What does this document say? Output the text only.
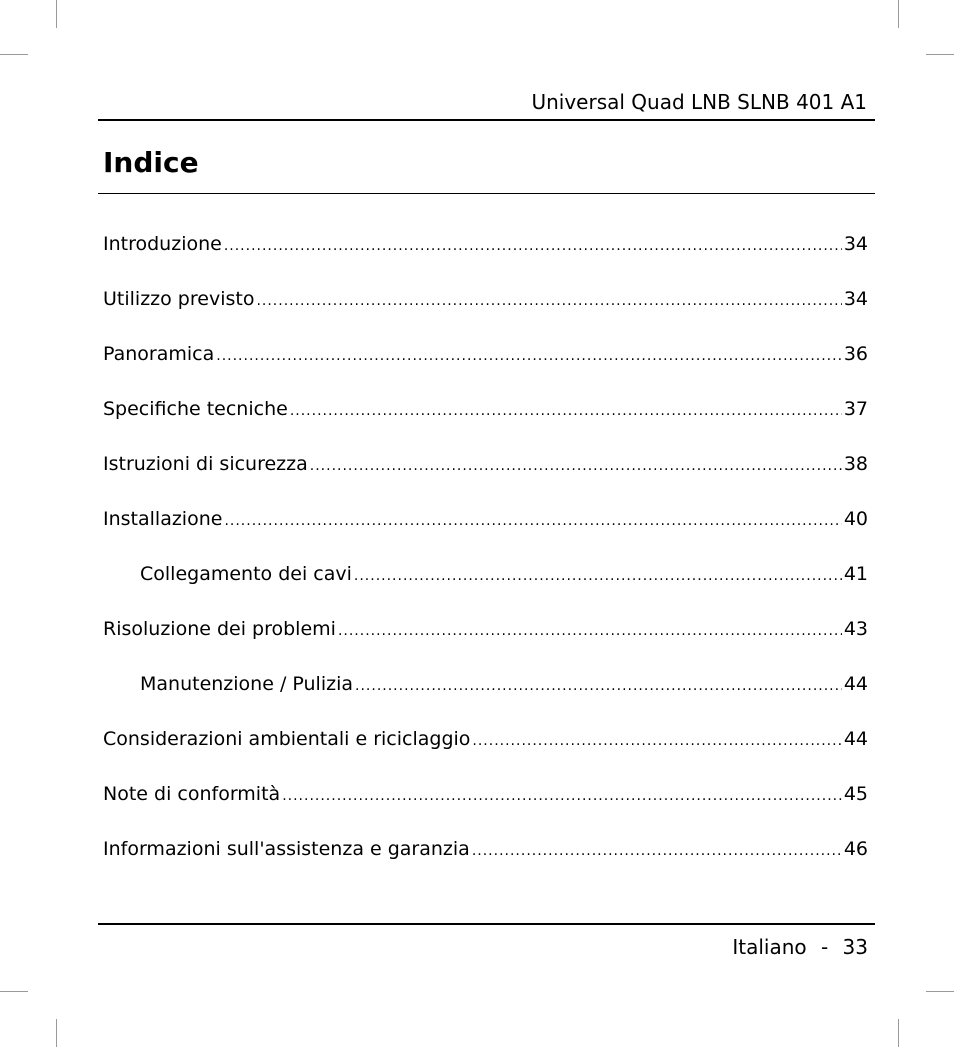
Universal Quad LNB SLNB 401 A1
Indice
Introduzione .....	34
Utilizzo previsto .....	34
Panoramica .....	36
Specifiche tecniche .....	37
Istruzioni di sicurezza .....	38
Installazione .....	40
Collegamento dei cavi .....	41
Risoluzione dei problemi .....	43
Manutenzione / Pulizia .....	44
Considerazioni ambientali e riciclaggio .....	44
Note di conformità .....	45
Informazioni sull'assistenza e garanzia .....	46
Italiano - 33
